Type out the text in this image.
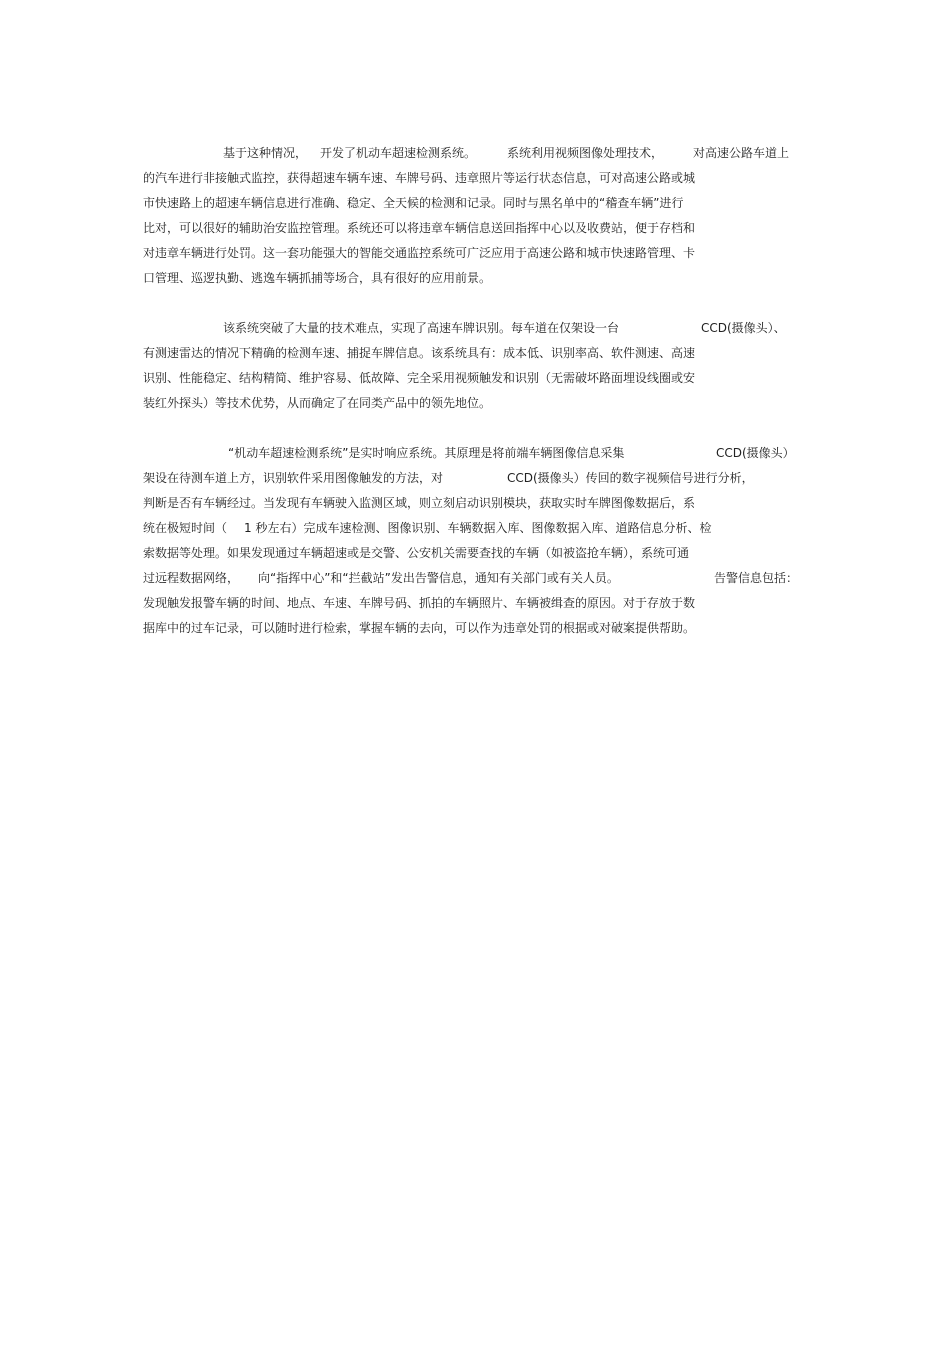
基于这种情况， 开发了机动车超速检测系统。	系统利用视频图像处理技术， 对高速公路车道上
的汽车进行非接触式监控，获得超速车辆车速、车牌号码、违章照片等运行状态信息，可对高速公路或城
市快速路上的超速车辆信息进行准确、稳定、全天候的检测和记录。同时与黑名单中的“稽查车辆”进行
比对，可以很好的辅助治安监控管理。系统还可以将违章车辆信息送回指挥中心以及收费站，便于存档和
对违章车辆进行处罚。这一套功能强大的智能交通监控系统可广泛应用于高速公路和城市快速路管理、卡
口管理、巡逻执勤、逃逸车辆抓捕等场合，具有很好的应用前景。
该系统突破了大量的技术难点，实现了高速车牌识别。每车道在仅架设一台	CCD(摄像头）、
有测速雷达的情况下精确的检测车速、捕捉车牌信息。该系统具有：成本低、识别率高、软件测速、高速
识别、性能稳定、结构精简、维护容易、低故障、完全采用视频触发和识别（无需破坏路面埋设线圈或安
装红外探头）等技术优势，从而确定了在同类产品中的领先地位。
“机动车超速检测系统”是实时响应系统。其原理是将前端车辆图像信息采集	CCD(摄像头）
架设在待测车道上方，识别软件采用图像触发的方法，对	CCD(摄像头）传回的数字视频信号进行分析，
判断是否有车辆经过。当发现有车辆驶入监测区域，则立刻启动识别模块，获取实时车牌图像数据后，系
统在极短时间（ 1 秒左右）完成车速检测、图像识别、车辆数据入库、图像数据入库、道路信息分析、检
索数据等处理。如果发现通过车辆超速或是交警、公安机关需要查找的车辆（如被盗抢车辆），系统可通
过远程数据网络， 向“指挥中心”和“拦截站”发出告警信息，通知有关部门或有关人员。	告警信息包括：
发现触发报警车辆的时间、地点、车速、车牌号码、抓拍的车辆照片、车辆被缉查的原因。对于存放于数
据库中的过车记录，可以随时进行检索，掌握车辆的去向，可以作为违章处罚的根据或对破案提供帮助。
